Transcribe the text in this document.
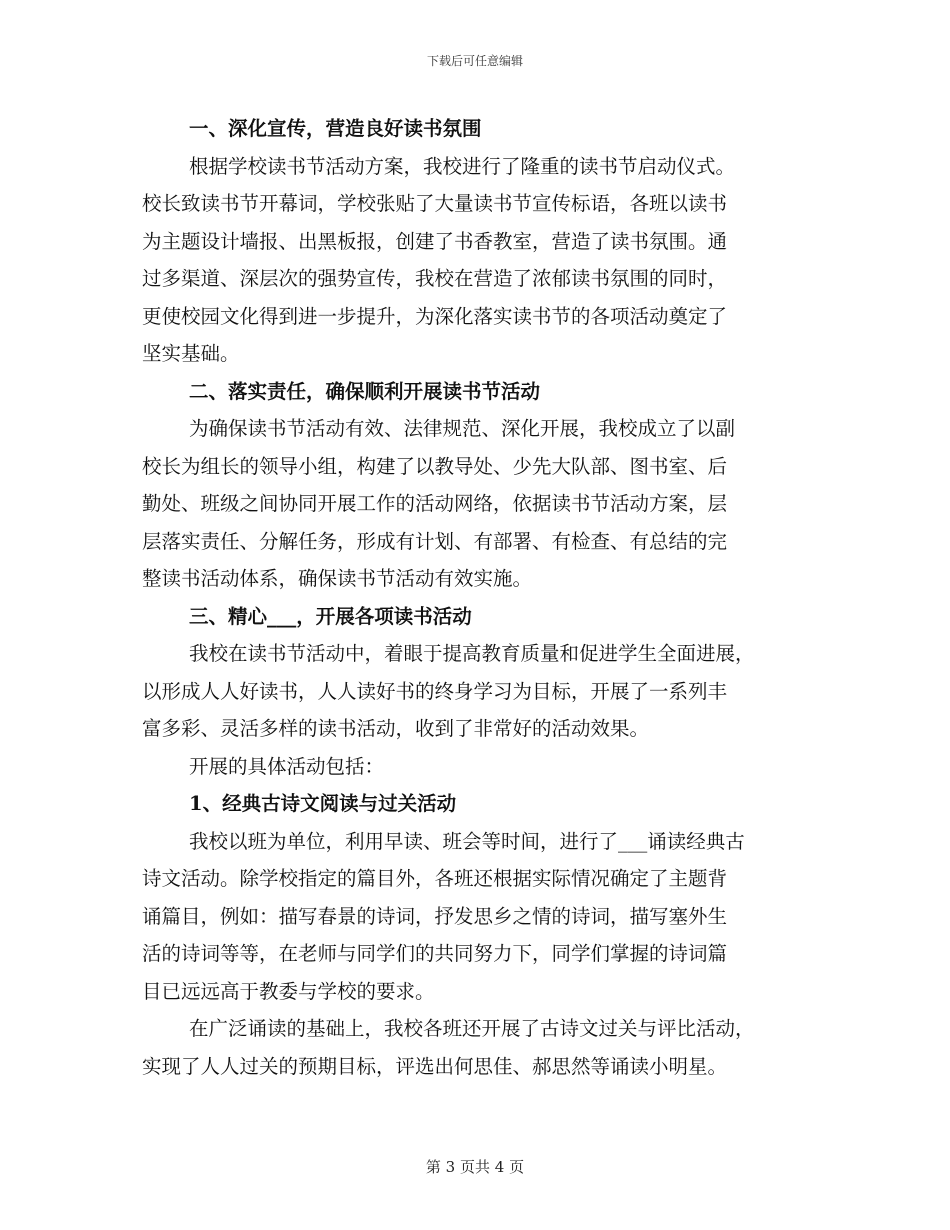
下载后可任意编辑
一、深化宣传，营造良好读书氛围
根据学校读书节活动方案，我校进行了隆重的读书节启动仪式。
校长致读书节开幕词，学校张贴了大量读书节宣传标语，各班以读书
为主题设计墙报、出黑板报，创建了书香教室，营造了读书氛围。通
过多渠道、深层次的强势宣传，我校在营造了浓郁读书氛围的同时，
更使校园文化得到进一步提升，为深化落实读书节的各项活动奠定了
坚实基础。
二、落实责任，确保顺利开展读书节活动
为确保读书节活动有效、法律规范、深化开展，我校成立了以副
校长为组长的领导小组，构建了以教导处、少先大队部、图书室、后
勤处、班级之间协同开展工作的活动网络，依据读书节活动方案，层
层落实责任、分解任务，形成有计划、有部署、有检查、有总结的完
整读书活动体系，确保读书节活动有效实施。
三、精心___，开展各项读书活动
我校在读书节活动中，着眼于提高教育质量和促进学生全面进展，
以形成人人好读书，人人读好书的终身学习为目标，开展了一系列丰
富多彩、灵活多样的读书活动，收到了非常好的活动效果。
开展的具体活动包括：
1、经典古诗文阅读与过关活动
我校以班为单位，利用早读、班会等时间，进行了___诵读经典古
诗文活动。除学校指定的篇目外，各班还根据实际情况确定了主题背
诵篇目，例如：描写春景的诗词，抒发思乡之情的诗词，描写塞外生
活的诗词等等，在老师与同学们的共同努力下，同学们掌握的诗词篇
目已远远高于教委与学校的要求。
在广泛诵读的基础上，我校各班还开展了古诗文过关与评比活动，
实现了人人过关的预期目标，评选出何思佳、郝思然等诵读小明星。
第 3 页共 4 页
